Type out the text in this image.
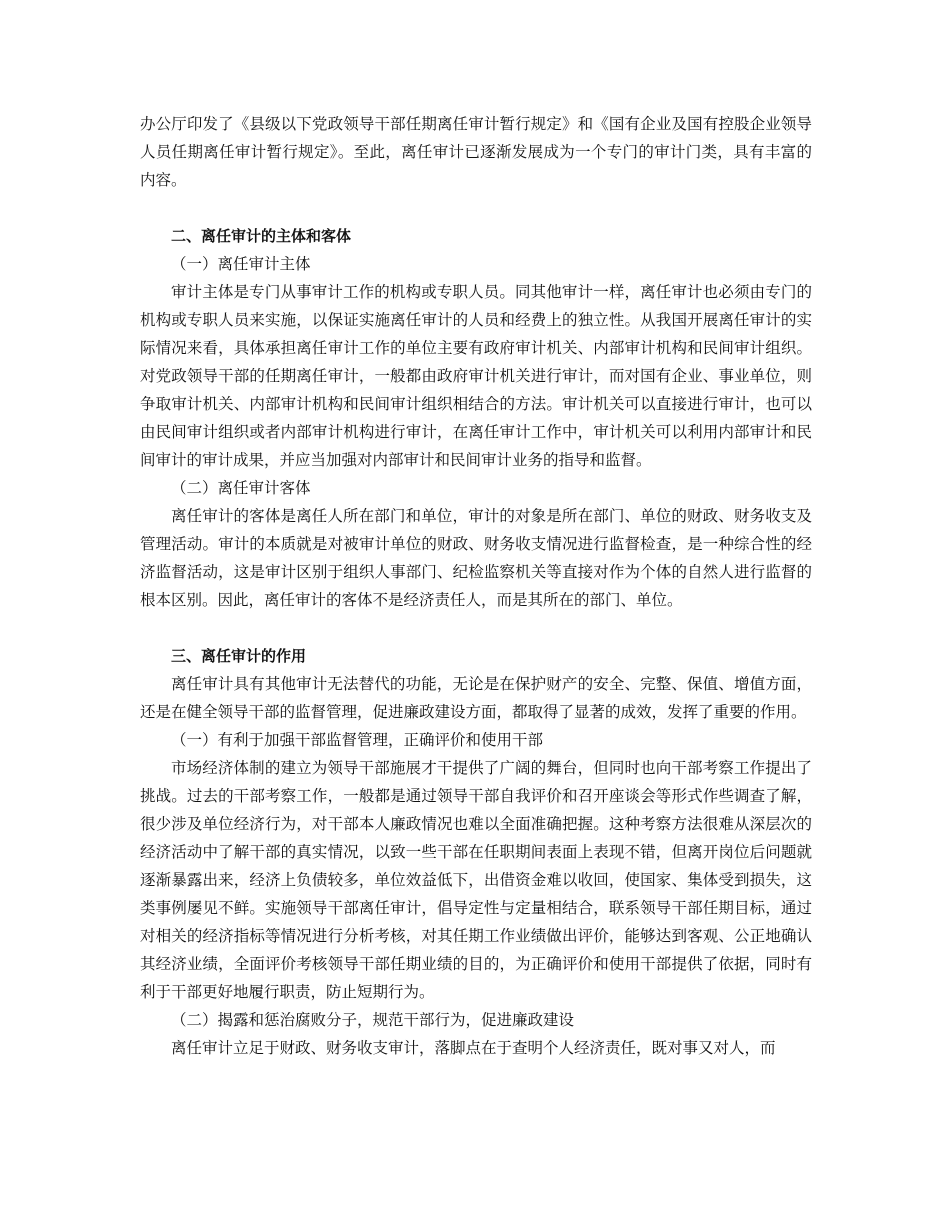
办公厅印发了《县级以下党政领导干部任期离任审计暂行规定》和《国有企业及国有控股企业领导人员任期离任审计暂行规定》。至此，离任审计已逐渐发展成为一个专门的审计门类，具有丰富的内容。

二、离任审计的主体和客体

（一）离任审计主体

审计主体是专门从事审计工作的机构或专职人员。同其他审计一样，离任审计也必须由专门的机构或专职人员来实施，以保证实施离任审计的人员和经费上的独立性。从我国开展离任审计的实际情况来看，具体承担离任审计工作的单位主要有政府审计机关、内部审计机构和民间审计组织。对党政领导干部的任期离任审计，一般都由政府审计机关进行审计，而对国有企业、事业单位，则争取审计机关、内部审计机构和民间审计组织相结合的方法。审计机关可以直接进行审计，也可以由民间审计组织或者内部审计机构进行审计，在离任审计工作中，审计机关可以利用内部审计和民间审计的审计成果，并应当加强对内部审计和民间审计业务的指导和监督。

（二）离任审计客体

离任审计的客体是离任人所在部门和单位，审计的对象是所在部门、单位的财政、财务收支及管理活动。审计的本质就是对被审计单位的财政、财务收支情况进行监督检查，是一种综合性的经济监督活动，这是审计区别于组织人事部门、纪检监察机关等直接对作为个体的自然人进行监督的根本区别。因此，离任审计的客体不是经济责任人，而是其所在的部门、单位。

三、离任审计的作用

离任审计具有其他审计无法替代的功能，无论是在保护财产的安全、完整、保值、增值方面，还是在健全领导干部的监督管理，促进廉政建设方面，都取得了显著的成效，发挥了重要的作用。

（一）有利于加强干部监督管理，正确评价和使用干部

市场经济体制的建立为领导干部施展才干提供了广阔的舞台，但同时也向干部考察工作提出了挑战。过去的干部考察工作，一般都是通过领导干部自我评价和召开座谈会等形式作些调查了解，很少涉及单位经济行为，对干部本人廉政情况也难以全面准确把握。这种考察方法很难从深层次的经济活动中了解干部的真实情况，以致一些干部在任职期间表面上表现不错，但离开岗位后问题就逐渐暴露出来，经济上负债较多，单位效益低下，出借资金难以收回，使国家、集体受到损失，这类事例屡见不鲜。实施领导干部离任审计，倡导定性与定量相结合，联系领导干部任期目标，通过对相关的经济指标等情况进行分析考核，对其任期工作业绩做出评价，能够达到客观、公正地确认其经济业绩，全面评价考核领导干部任期业绩的目的，为正确评价和使用干部提供了依据，同时有利于干部更好地履行职责，防止短期行为。

（二）揭露和惩治腐败分子，规范干部行为，促进廉政建设

离任审计立足于财政、财务收支审计，落脚点在于查明个人经济责任，既对事又对人，而
